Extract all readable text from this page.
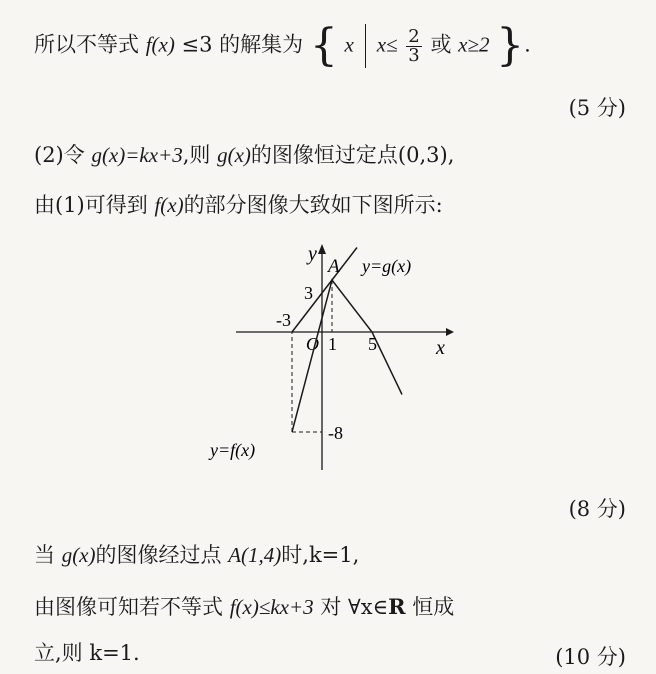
所以不等式 f(x) ≤3 的解集为 { x $x\le \frac{2}{3}$ 或 x≥2 }.
(5 分)
(2)令 g(x)=kx+3,则 g(x)的图像恒过定点(0,3),
由(1)可得到 f(x)的部分图像大致如下图所示:
x
y
O
A
-3
1 5
3
-8
y=g(x)
y=f(x)
(8 分)
当 g(x)的图像经过点 A(1,4)时,k=1,
由图像可知若不等式 f(x)≤kx+3 对 ∀x∈R 恒成
立,则 k=1.	(10 分)
